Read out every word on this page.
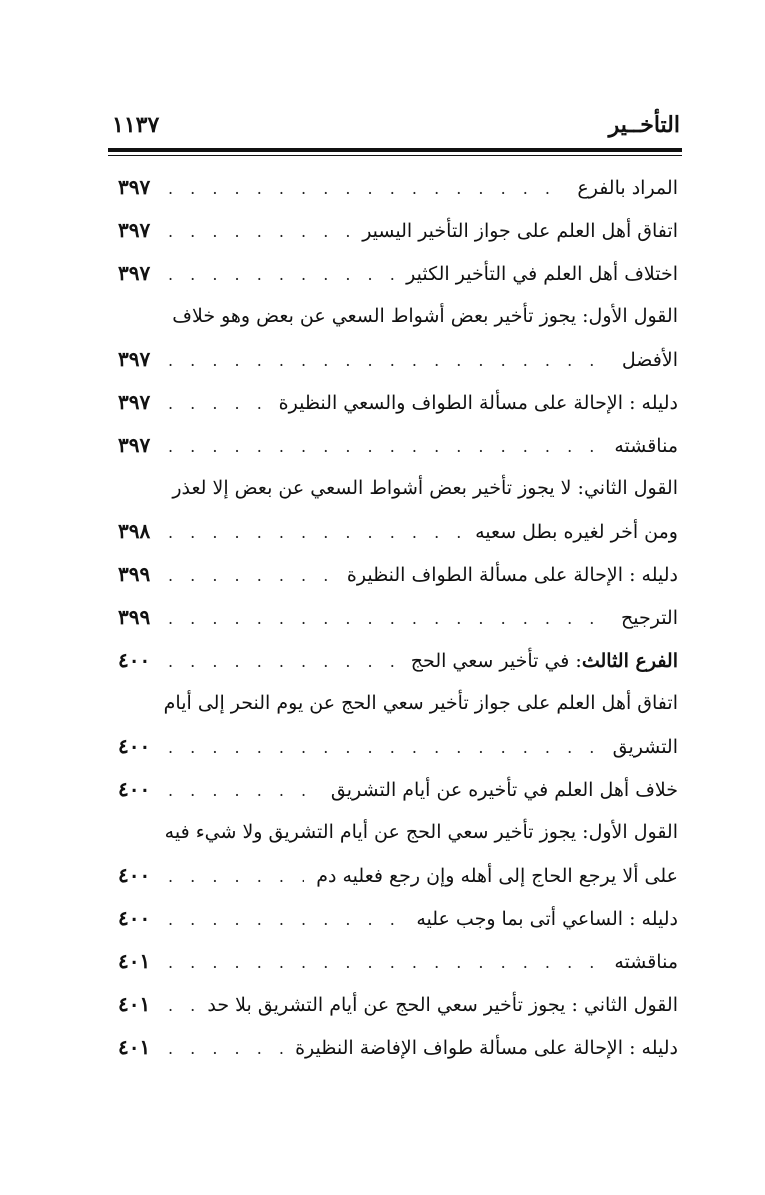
التأخــير
١١٣٧
المراد بالفرع
. . .
٣٩٧
اتفاق أهل العلم على جواز التأخير اليسير
. . .
٣٩٧
اختلاف أهل العلم في التأخير الكثير
. . .
٣٩٧
القول الأول: يجوز تأخير بعض أشواط السعي عن بعض وهو خلاف
الأفضل
. . .
٣٩٧
دليله : الإحالة على مسألة الطواف والسعي النظيرة
. . .
٣٩٧
مناقشته
. . .
٣٩٧
القول الثاني: لا يجوز تأخير بعض أشواط السعي عن بعض إلا لعذر
ومن أخر لغيره بطل سعيه
. . .
٣٩٨
دليله : الإحالة على مسألة الطواف النظيرة
. . .
٣٩٩
الترجيح
. . .
٣٩٩
الفرع الثالث: في تأخير سعي الحج
. . .
٤٠٠
اتفاق أهل العلم على جواز تأخير سعي الحج عن يوم النحر إلى أيام
التشريق
. . .
٤٠٠
خلاف أهل العلم في تأخيره عن أيام التشريق
. . .
٤٠٠
القول الأول: يجوز تأخير سعي الحج عن أيام التشريق ولا شيء فيه
على ألا يرجع الحاج إلى أهله وإن رجع فعليه دم
. . .
٤٠٠
دليله : الساعي أتى بما وجب عليه
. . .
٤٠٠
مناقشته
. . .
٤٠١
القول الثاني : يجوز تأخير سعي الحج عن أيام التشريق بلا حد
. . .
٤٠١
دليله : الإحالة على مسألة طواف الإفاضة النظيرة
. . .
٤٠١
